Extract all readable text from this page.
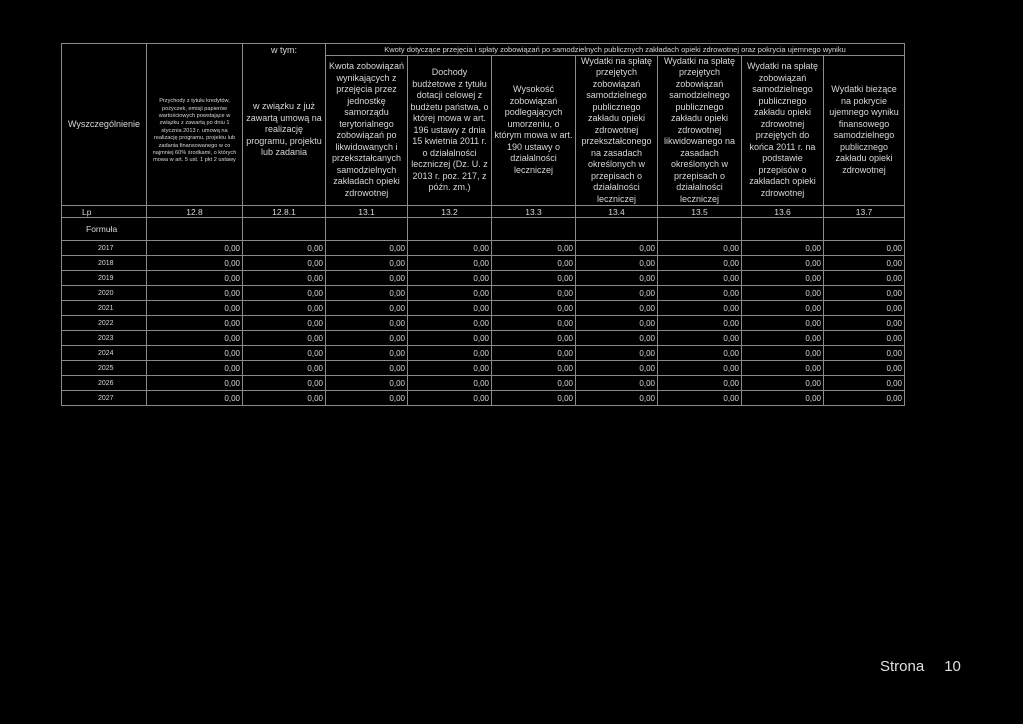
Wyszczególnienie	Przychody z tytułu kredytów, pożyczek, emisji papierów wartościowych powstające w związku z zawartą po dniu 1 stycznia 2013 r. umową na realizację programu, projektu lub zadania finansowanego w co najmniej 60% środkami, o których mowa w art. 5 ust. 1 pkt 2 ustawy	w tym:	Kwoty dotyczące przejęcia i spłaty zobowiązań po samodzielnych publicznych zakładach opieki zdrowotnej oraz pokrycia ujemnego wyniku						
		w związku z już zawartą umową na realizację programu, projektu lub zadania	Kwota zobowiązań wynikających z przejęcia przez jednostkę samorządu terytorialnego zobowiązań po likwidowanych i przekształcanych samodzielnych zakładach opieki zdrowotnej	Dochody budżetowe z tytułu dotacji celowej z budżetu państwa, o której mowa w art. 196 ustawy z dnia 15 kwietnia 2011 r. o działalności leczniczej (Dz. U. z 2013 r. poz. 217, z późn. zm.)	Wysokość zobowiązań podlegających umorzeniu, o którym mowa w art. 190 ustawy o działalności leczniczej	Wydatki na spłatę przejętych zobowiązań samodzielnego publicznego zakładu opieki zdrowotnej przekształconego na zasadach określonych w przepisach o działalności leczniczej	Wydatki na spłatę przejętych zobowiązań samodzielnego publicznego zakładu opieki zdrowotnej likwidowanego na zasadach określonych w przepisach o działalności leczniczej	Wydatki na spłatę zobowiązań samodzielnego publicznego zakładu opieki zdrowotnej przejętych do końca 2011 r. na podstawie przepisów o zakładach opieki zdrowotnej	Wydatki bieżące na pokrycie ujemnego wyniku finansowego samodzielnego publicznego zakładu opieki zdrowotnej
Lp	12.8	12.8.1	13.1	13.2	13.3	13.4	13.5	13.6	13.7
Formuła									
2017	0,00	0,00	0,00	0,00	0,00	0,00	0,00	0,00	0,00
2018	0,00	0,00	0,00	0,00	0,00	0,00	0,00	0,00	0,00
2019	0,00	0,00	0,00	0,00	0,00	0,00	0,00	0,00	0,00
2020	0,00	0,00	0,00	0,00	0,00	0,00	0,00	0,00	0,00
2021	0,00	0,00	0,00	0,00	0,00	0,00	0,00	0,00	0,00
2022	0,00	0,00	0,00	0,00	0,00	0,00	0,00	0,00	0,00
2023	0,00	0,00	0,00	0,00	0,00	0,00	0,00	0,00	0,00
2024	0,00	0,00	0,00	0,00	0,00	0,00	0,00	0,00	0,00
2025	0,00	0,00	0,00	0,00	0,00	0,00	0,00	0,00	0,00
2026	0,00	0,00	0,00	0,00	0,00	0,00	0,00	0,00	0,00
2027	0,00	0,00	0,00	0,00	0,00	0,00	0,00	0,00	0,00
Strona 10
